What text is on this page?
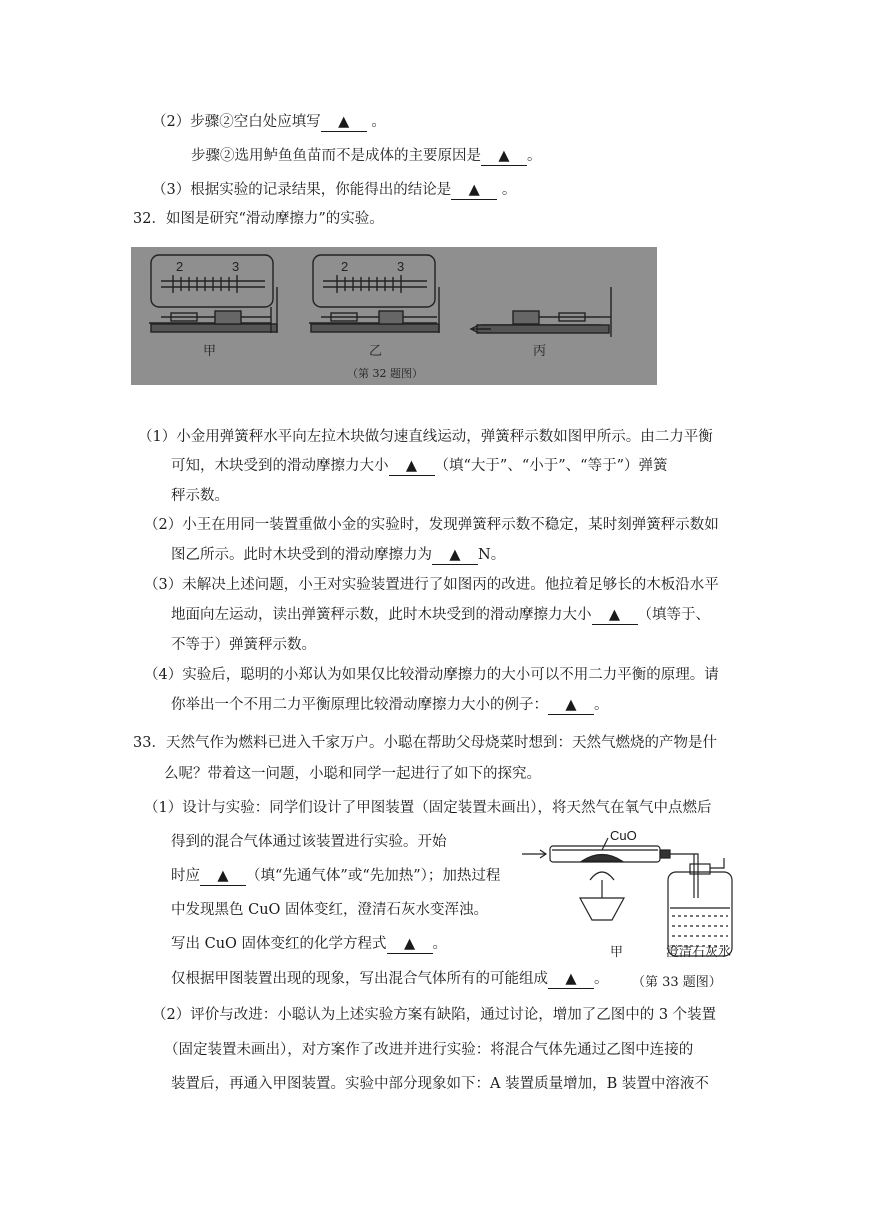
（2）步骤②空白处应填写 ▲ 。
步骤②选用鲈鱼鱼苗而不是成体的主要原因是 ▲ 。
（3）根据实验的记录结果，你能得出的结论是 ▲ 。
32．如图是研究“滑动摩擦力”的实验。
2	3	2	3
甲	乙	丙
（第 32 题图）
（1）小金用弹簧秤水平向左拉木块做匀速直线运动，弹簧秤示数如图甲所示。由二力平衡
可知，木块受到的滑动摩擦力大小 ▲ （填“大于”、“小于”、“等于”）弹簧
秤示数。
（2）小王在用同一装置重做小金的实验时，发现弹簧秤示数不稳定，某时刻弹簧秤示数如
图乙所示。此时木块受到的滑动摩擦力为 ▲ N。
（3）未解决上述问题，小王对实验装置进行了如图丙的改进。他拉着足够长的木板沿水平
地面向左运动，读出弹簧秤示数，此时木块受到的滑动摩擦力大小 ▲ （填等于、
不等于）弹簧秤示数。
（4）实验后，聪明的小郑认为如果仅比较滑动摩擦力的大小可以不用二力平衡的原理。请
你举出一个不用二力平衡原理比较滑动摩擦力大小的例子： ▲ 。
33．天然气作为燃料已进入千家万户。小聪在帮助父母烧菜时想到：天然气燃烧的产物是什
么呢？带着这一问题，小聪和同学一起进行了如下的探究。
（1）设计与实验：同学们设计了甲图装置（固定装置未画出），将天然气在氧气中点燃后
得到的混合气体通过该装置进行实验。开始
时应 ▲ （填“先通气体”或“先加热”）；加热过程
中发现黑色 CuO 固体变红，澄清石灰水变浑浊。
写出 CuO 固体变红的化学方程式 ▲ 。
仅根据甲图装置出现的现象，写出混合气体所有的可能组成 ▲ 。 （第 33 题图）
CuO
甲	澄清石灰水
（2）评价与改进：小聪认为上述实验方案有缺陷，通过讨论，增加了乙图中的 3 个装置
（固定装置未画出），对方案作了改进并进行实验：将混合气体先通过乙图中连接的
装置后，再通入甲图装置。实验中部分现象如下：A 装置质量增加，B 装置中溶液不
